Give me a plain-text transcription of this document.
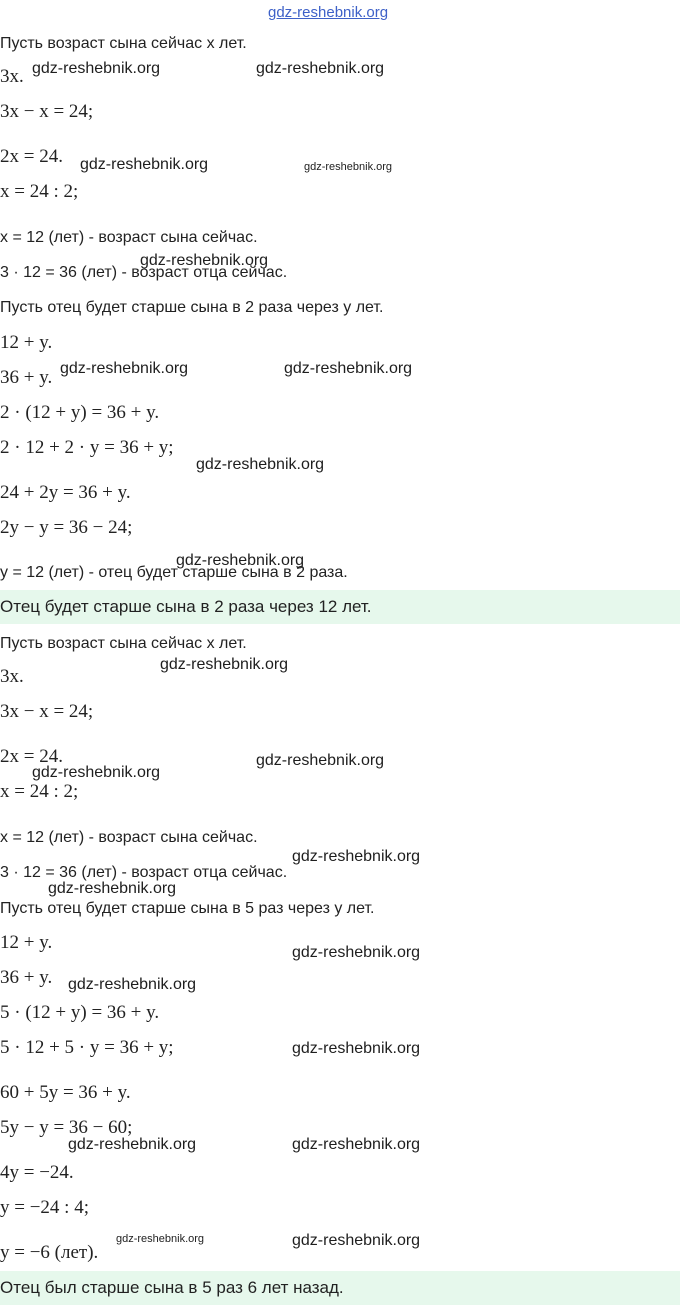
gdz-reshebnik.org
Пусть возраст сына сейчас x лет.
3x.
3x − x = 24;
2x = 24.
x = 24 : 2;
x = 12 (лет) - возраст сына сейчас.
3 · 12 = 36 (лет) - возраст отца сейчас.
Пусть отец будет старше сына в 2 раза через y лет.
12 + y.
36 + y.
2 · (12 + y) = 36 + y.
2 · 12 + 2 · y = 36 + y;
24 + 2y = 36 + y.
2y − y = 36 − 24;
y = 12 (лет) - отец будет старше сына в 2 раза.
Отец будет старше сына в 2 раза через 12 лет.
Пусть возраст сына сейчас x лет.
3x.
3x − x = 24;
2x = 24.
x = 24 : 2;
x = 12 (лет) - возраст сына сейчас.
3 · 12 = 36 (лет) - возраст отца сейчас.
Пусть отец будет старше сына в 5 раз через y лет.
12 + y.
36 + y.
5 · (12 + y) = 36 + y.
5 · 12 + 5 · y = 36 + y;
60 + 5y = 36 + y.
5y − y = 36 − 60;
4y = −24.
y = −24 : 4;
y = −6 (лет).
Отец был старше сына в 5 раз 6 лет назад.
gdz-reshebnik.org	gdz-reshebnik.org
gdz-reshebnik.org	gdz-reshebnik.org
gdz-reshebnik.org
gdz-reshebnik.org	gdz-reshebnik.org
gdz-reshebnik.org
gdz-reshebnik.org
gdz-reshebnik.org
gdz-reshebnik.org
gdz-reshebnik.org
gdz-reshebnik.org
gdz-reshebnik.org
gdz-reshebnik.org
gdz-reshebnik.org
gdz-reshebnik.org
gdz-reshebnik.org	gdz-reshebnik.org
gdz-reshebnik.org	gdz-reshebnik.org
